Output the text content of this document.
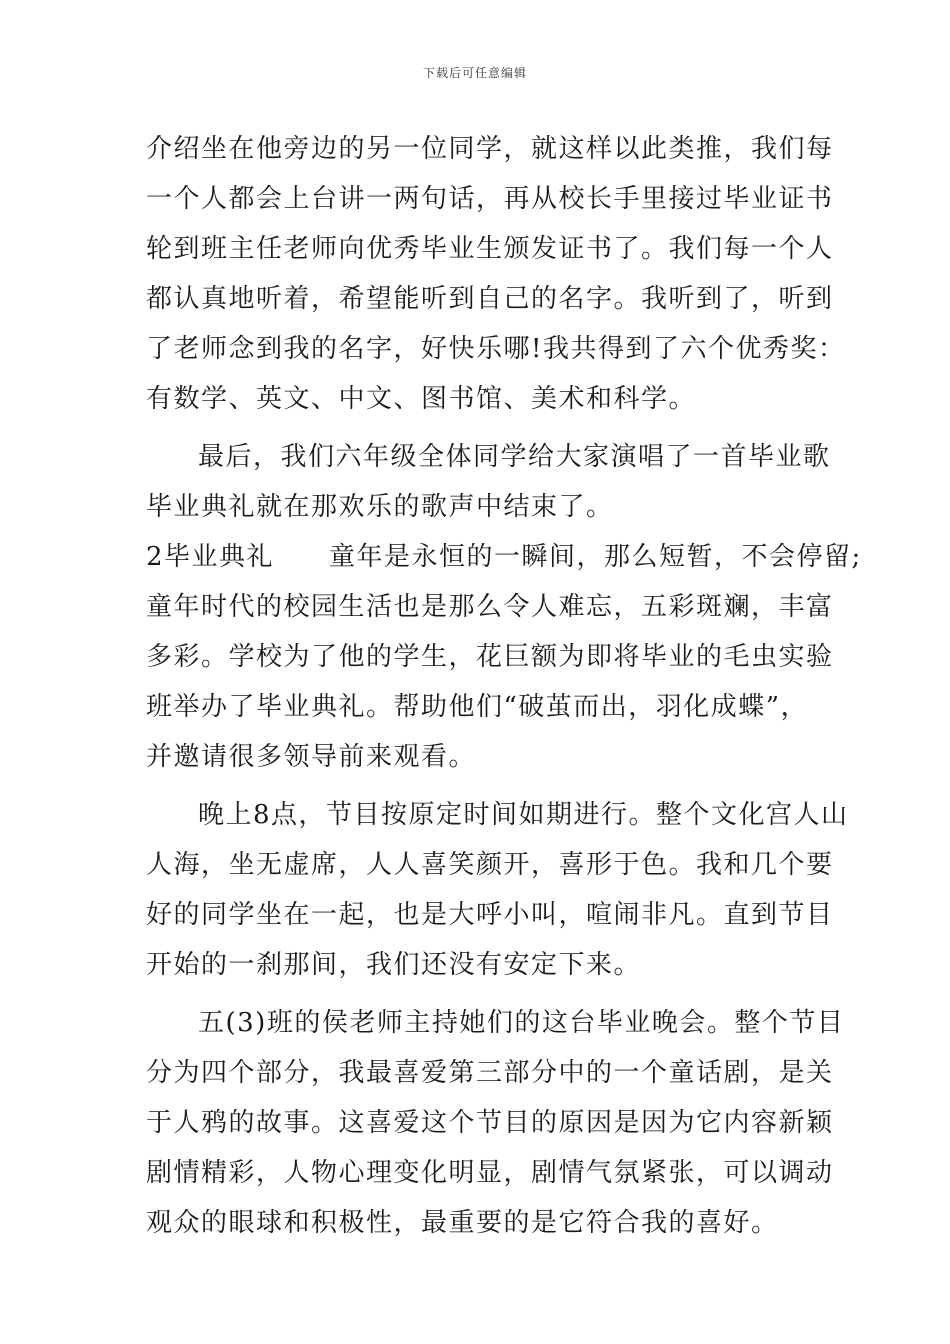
下载后可任意编辑
介绍坐在他旁边的另一位同学，就这样以此类推，我们每
一个人都会上台讲一两句话，再从校长手里接过毕业证书
轮到班主任老师向优秀毕业生颁发证书了。我们每一个人
都认真地听着，希望能听到自己的名字。我听到了，听到
了老师念到我的名字，好快乐哪!我共得到了六个优秀奖：
有数学、英文、中文、图书馆、美术和科学。
最后，我们六年级全体同学给大家演唱了一首毕业歌
毕业典礼就在那欢乐的歌声中结束了。
2毕业典礼　　童年是永恒的一瞬间，那么短暂，不会停留;
童年时代的校园生活也是那么令人难忘，五彩斑斓，丰富
多彩。学校为了他的学生，花巨额为即将毕业的毛虫实验
班举办了毕业典礼。帮助他们“破茧而出，羽化成蝶”，
并邀请很多领导前来观看。
晚上8点，节目按原定时间如期进行。整个文化宫人山
人海，坐无虚席，人人喜笑颜开，喜形于色。我和几个要
好的同学坐在一起，也是大呼小叫，喧闹非凡。直到节目
开始的一刹那间，我们还没有安定下来。
五(3)班的侯老师主持她们的这台毕业晚会。整个节目
分为四个部分，我最喜爱第三部分中的一个童话剧，是关
于人鸦的故事。这喜爱这个节目的原因是因为它内容新颖
剧情精彩，人物心理变化明显，剧情气氛紧张，可以调动
观众的眼球和积极性，最重要的是它符合我的喜好。
